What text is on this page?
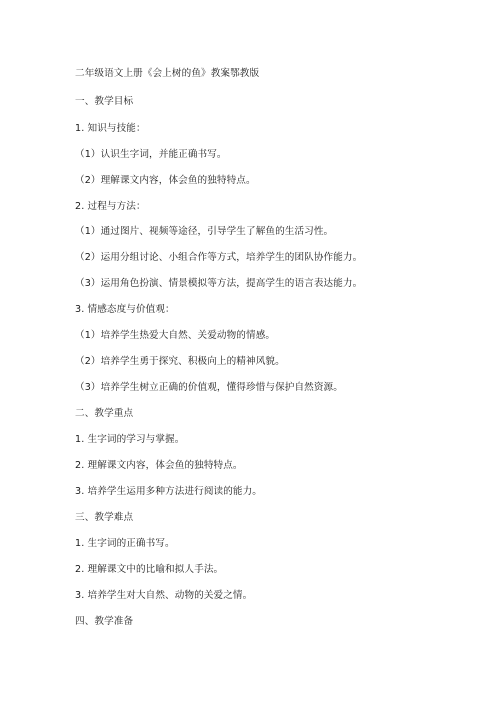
二年级语文上册《会上树的鱼》教案鄂教版
一、教学目标
1. 知识与技能：
（1）认识生字词，并能正确书写。
（2）理解课文内容，体会鱼的独特特点。
2. 过程与方法：
（1）通过图片、视频等途径，引导学生了解鱼的生活习性。
（2）运用分组讨论、小组合作等方式，培养学生的团队协作能力。
（3）运用角色扮演、情景模拟等方法，提高学生的语言表达能力。
3. 情感态度与价值观：
（1）培养学生热爱大自然、关爱动物的情感。
（2）培养学生勇于探究、积极向上的精神风貌。
（3）培养学生树立正确的价值观，懂得珍惜与保护自然资源。
二、教学重点
1. 生字词的学习与掌握。
2. 理解课文内容，体会鱼的独特特点。
3. 培养学生运用多种方法进行阅读的能力。
三、教学难点
1. 生字词的正确书写。
2. 理解课文中的比喻和拟人手法。
3. 培养学生对大自然、动物的关爱之情。
四、教学准备
